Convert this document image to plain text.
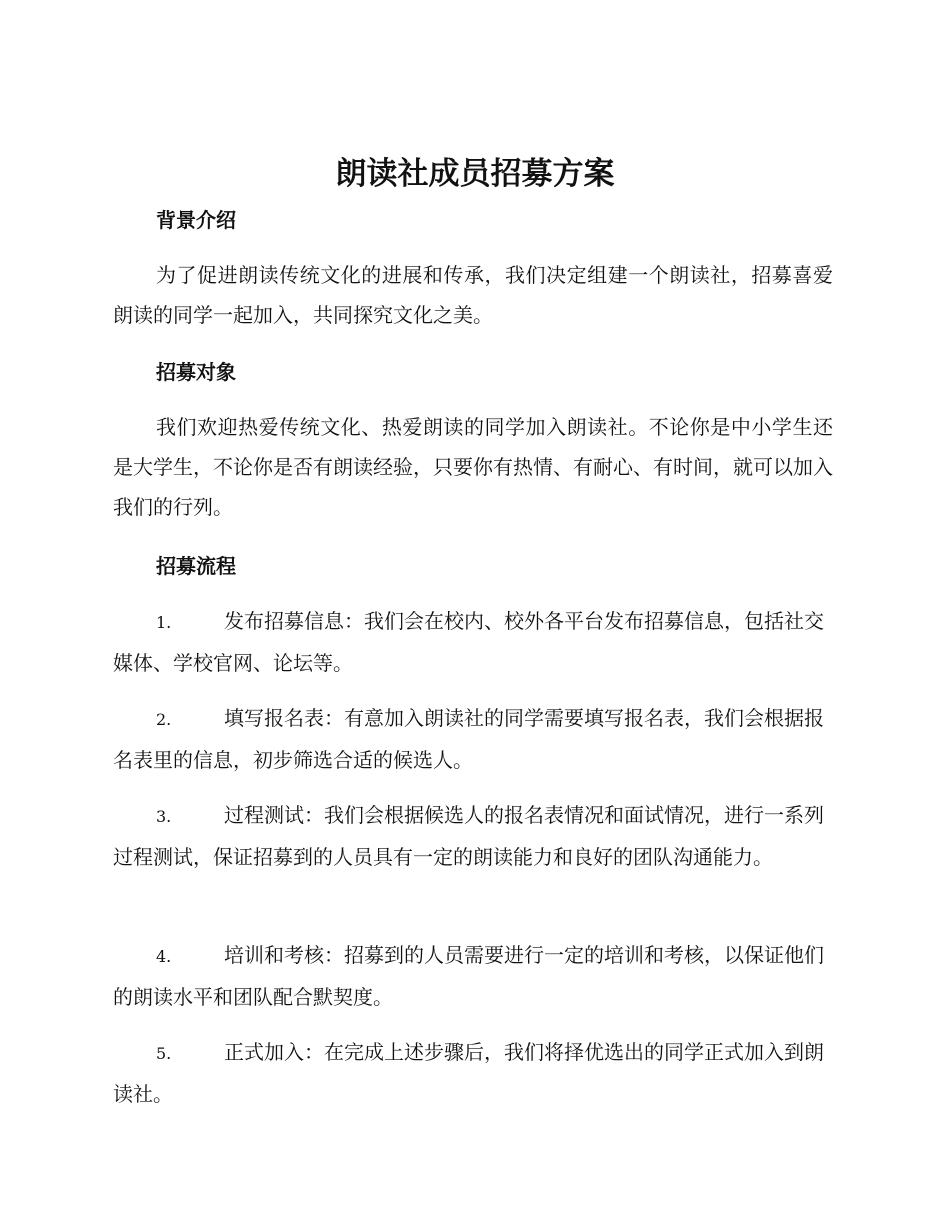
朗读社成员招募方案
背景介绍

为了促进朗读传统文化的进展和传承，我们决定组建一个朗读社，招募喜爱朗读的同学一起加入，共同探究文化之美。

招募对象

我们欢迎热爱传统文化、热爱朗读的同学加入朗读社。不论你是中小学生还是大学生，不论你是否有朗读经验，只要你有热情、有耐心、有时间，就可以加入我们的行列。

招募流程

1.	发布招募信息：我们会在校内、校外各平台发布招募信息，包括社交媒体、学校官网、论坛等。

2.	填写报名表：有意加入朗读社的同学需要填写报名表，我们会根据报名表里的信息，初步筛选合适的候选人。

3.	过程测试：我们会根据候选人的报名表情况和面试情况，进行一系列过程测试，保证招募到的人员具有一定的朗读能力和良好的团队沟通能力。

4.	培训和考核：招募到的人员需要进行一定的培训和考核，以保证他们的朗读水平和团队配合默契度。

5.	正式加入：在完成上述步骤后，我们将择优选出的同学正式加入到朗读社。
